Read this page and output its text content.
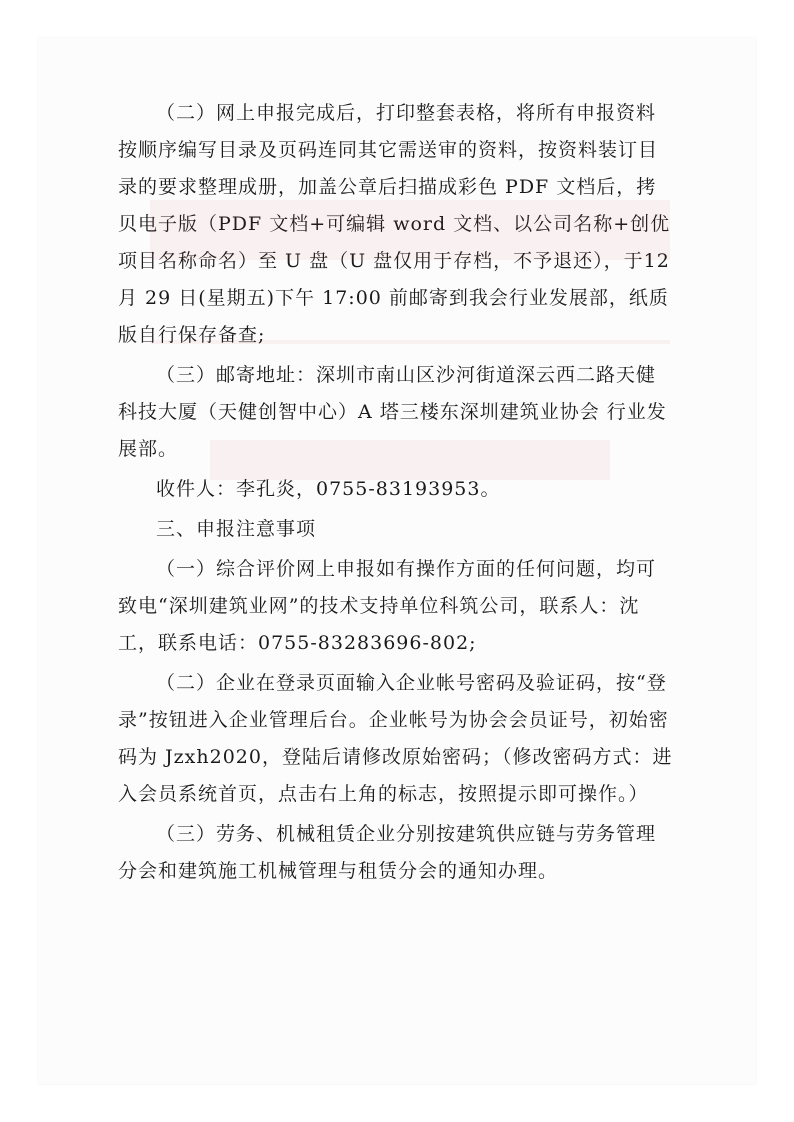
（二）网上申报完成后，打印整套表格，将所有申报资料按顺序编写目录及页码连同其它需送审的资料，按资料装订目录的要求整理成册，加盖公章后扫描成彩色 PDF 文档后，拷贝电子版（PDF 文档+可编辑 word 文档、以公司名称+创优项目名称命名）至 U 盘（U 盘仅用于存档，不予退还），于12 月 29 日(星期五)下午 17:00 前邮寄到我会行业发展部，纸质版自行保存备查;

（三）邮寄地址：深圳市南山区沙河街道深云西二路天健科技大厦（天健创智中心）A 塔三楼东深圳建筑业协会 行业发展部。

收件人：李孔炎，0755-83193953。

三、申报注意事项

（一）综合评价网上申报如有操作方面的任何问题，均可致电“深圳建筑业网”的技术支持单位科筑公司，联系人：沈工，联系电话：0755-83283696-802;

（二）企业在登录页面输入企业帐号密码及验证码，按“登录”按钮进入企业管理后台。企业帐号为协会会员证号，初始密码为 Jzxh2020，登陆后请修改原始密码；（修改密码方式：进入会员系统首页，点击右上角的标志，按照提示即可操作。）

（三）劳务、机械租赁企业分别按建筑供应链与劳务管理分会和建筑施工机械管理与租赁分会的通知办理。
